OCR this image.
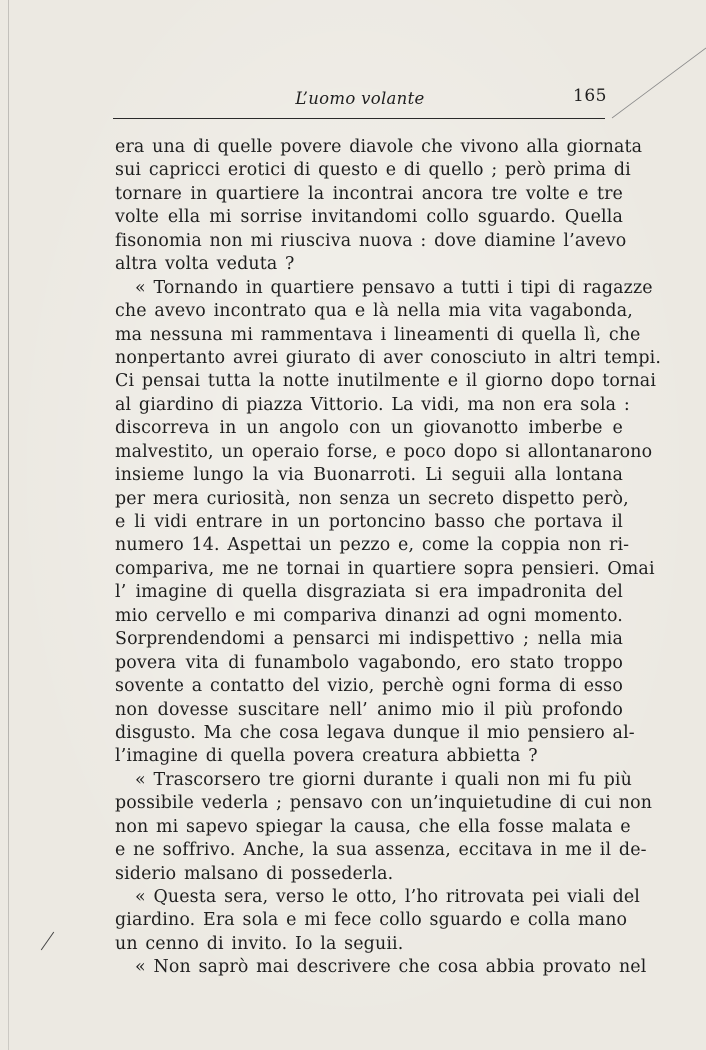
L’uomo volante	165
era una di quelle povere diavole che vivono alla giornata
sui capricci erotici di questo e di quello ; però prima di
tornare in quartiere la incontrai ancora tre volte e tre
volte ella mi sorrise invitandomi collo sguardo. Quella
fisonomia non mi riusciva nuova : dove diamine l’avevo
altra volta veduta ?
« Tornando in quartiere pensavo a tutti i tipi di ragazze
che avevo incontrato qua e là nella mia vita vagabonda,
ma nessuna mi rammentava i lineamenti di quella lì, che
nonpertanto avrei giurato di aver conosciuto in altri tempi.
Ci pensai tutta la notte inutilmente e il giorno dopo tornai
al giardino di piazza Vittorio. La vidi, ma non era sola :
discorreva in un angolo con un giovanotto imberbe e
malvestito, un operaio forse, e poco dopo si allontanarono
insieme lungo la via Buonarroti. Li seguii alla lontana
per mera curiosità, non senza un secreto dispetto però,
e li vidi entrare in un portoncino basso che portava il
numero 14. Aspettai un pezzo e, come la coppia non ri-
compariva, me ne tornai in quartiere sopra pensieri. Omai
l’ imagine di quella disgraziata si era impadronita del
mio cervello e mi compariva dinanzi ad ogni momento.
Sorprendendomi a pensarci mi indispettivo ; nella mia
povera vita di funambolo vagabondo, ero stato troppo
sovente a contatto del vizio, perchè ogni forma di esso
non dovesse suscitare nell’ animo mio il più profondo
disgusto. Ma che cosa legava dunque il mio pensiero al-
l’imagine di quella povera creatura abbietta ?
« Trascorsero tre giorni durante i quali non mi fu più
possibile vederla ; pensavo con un’inquietudine di cui non
non mi sapevo spiegar la causa, che ella fosse malata e
e ne soffrivo. Anche, la sua assenza, eccitava in me il de-
siderio malsano di possederla.
« Questa sera, verso le otto, l’ho ritrovata pei viali del
giardino. Era sola e mi fece collo sguardo e colla mano
un cenno di invito. Io la seguii.
« Non saprò mai descrivere che cosa abbia provato nel
